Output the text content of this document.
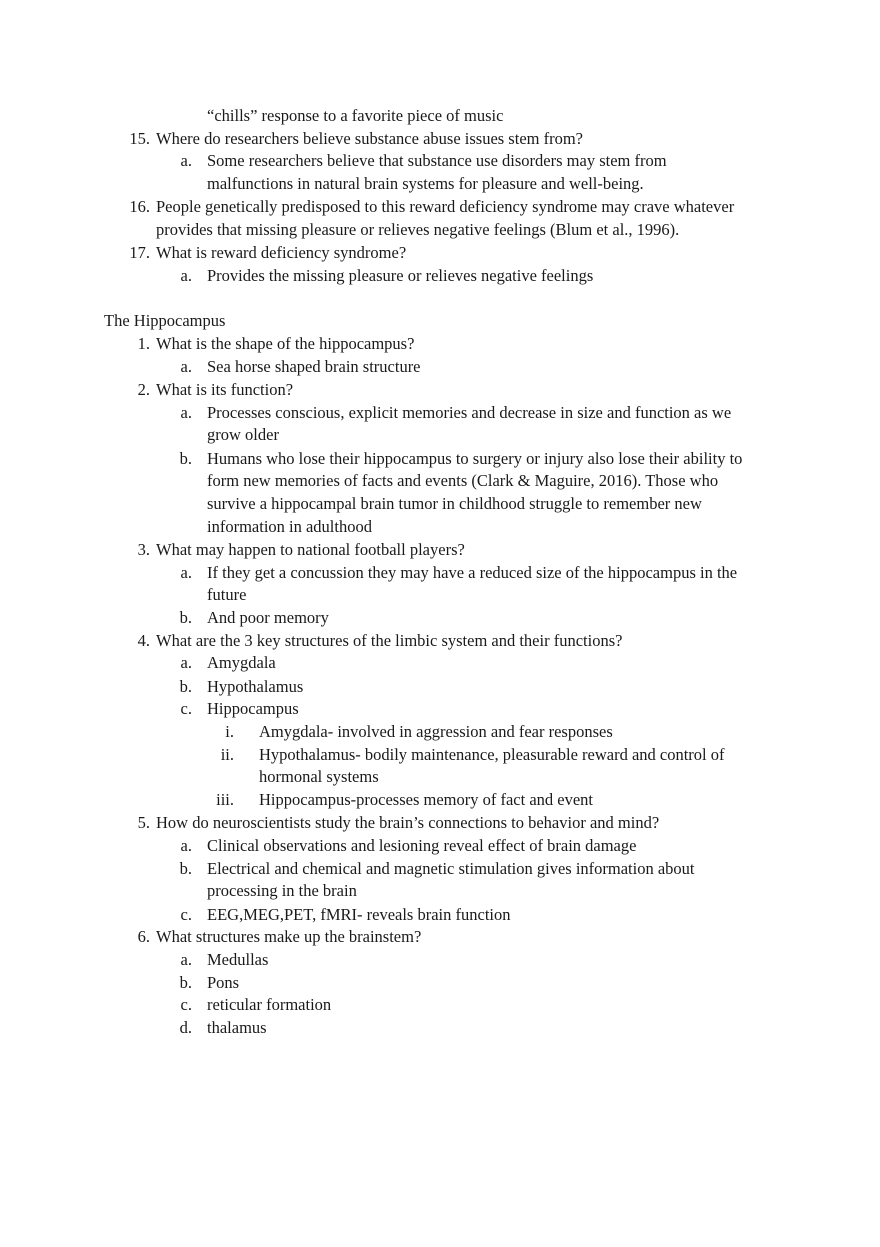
“chills” response to a favorite piece of music
15. Where do researchers believe substance abuse issues stem from?
a. Some researchers believe that substance use disorders may stem from
malfunctions in natural brain systems for pleasure and well-being.
16. People genetically predisposed to this reward deficiency syndrome may crave whatever
provides that missing pleasure or relieves negative feelings (Blum et al., 1996).
17. What is reward deficiency syndrome?
a. Provides the missing pleasure or relieves negative feelings
The Hippocampus
1. What is the shape of the hippocampus?
a. Sea horse shaped brain structure
2. What is its function?
a. Processes conscious, explicit memories and decrease in size and function as we
grow older
b. Humans who lose their hippocampus to surgery or injury also lose their ability to
form new memories of facts and events (Clark & Maguire, 2016). Those who
survive a hippocampal brain tumor in childhood struggle to remember new
information in adulthood
3. What may happen to national football players?
a. If they get a concussion they may have a reduced size of the hippocampus in the
future
b. And poor memory
4. What are the 3 key structures of the limbic system and their functions?
a. Amygdala
b. Hypothalamus
c. Hippocampus
i. Amygdala- involved in aggression and fear responses
ii. Hypothalamus- bodily maintenance, pleasurable reward and control of
hormonal systems
iii. Hippocampus-processes memory of fact and event
5. How do neuroscientists study the brain’s connections to behavior and mind?
a. Clinical observations and lesioning reveal effect of brain damage
b. Electrical and chemical and magnetic stimulation gives information about
processing in the brain
c. EEG,MEG,PET, fMRI- reveals brain function
6. What structures make up the brainstem?
a. Medullas
b. Pons
c. reticular formation
d. thalamus
